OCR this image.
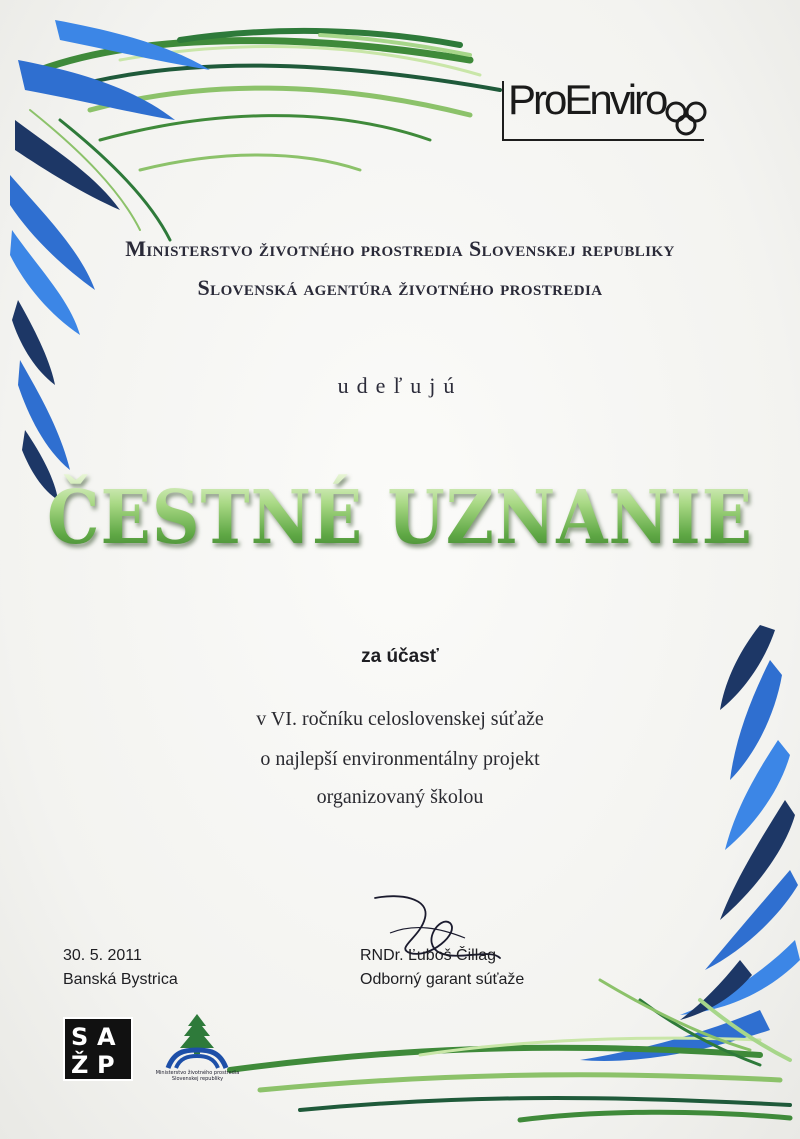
ProEnviro
Ministerstvo životného prostredia Slovenskej republiky
Slovenská agentúra životného prostredia
udeľujú
ČESTNÉ UZNANIE
za účasť
v VI. ročníku celoslovenskej súťaže
o najlepší environmentálny projekt
organizovaný školou
30. 5. 2011
Banská Bystrica
RNDr. Ľuboš Čillag
Odborný garant súťaže
S A
Ž P	Ministerstvo životného prostredia
Slovenskej republiky
